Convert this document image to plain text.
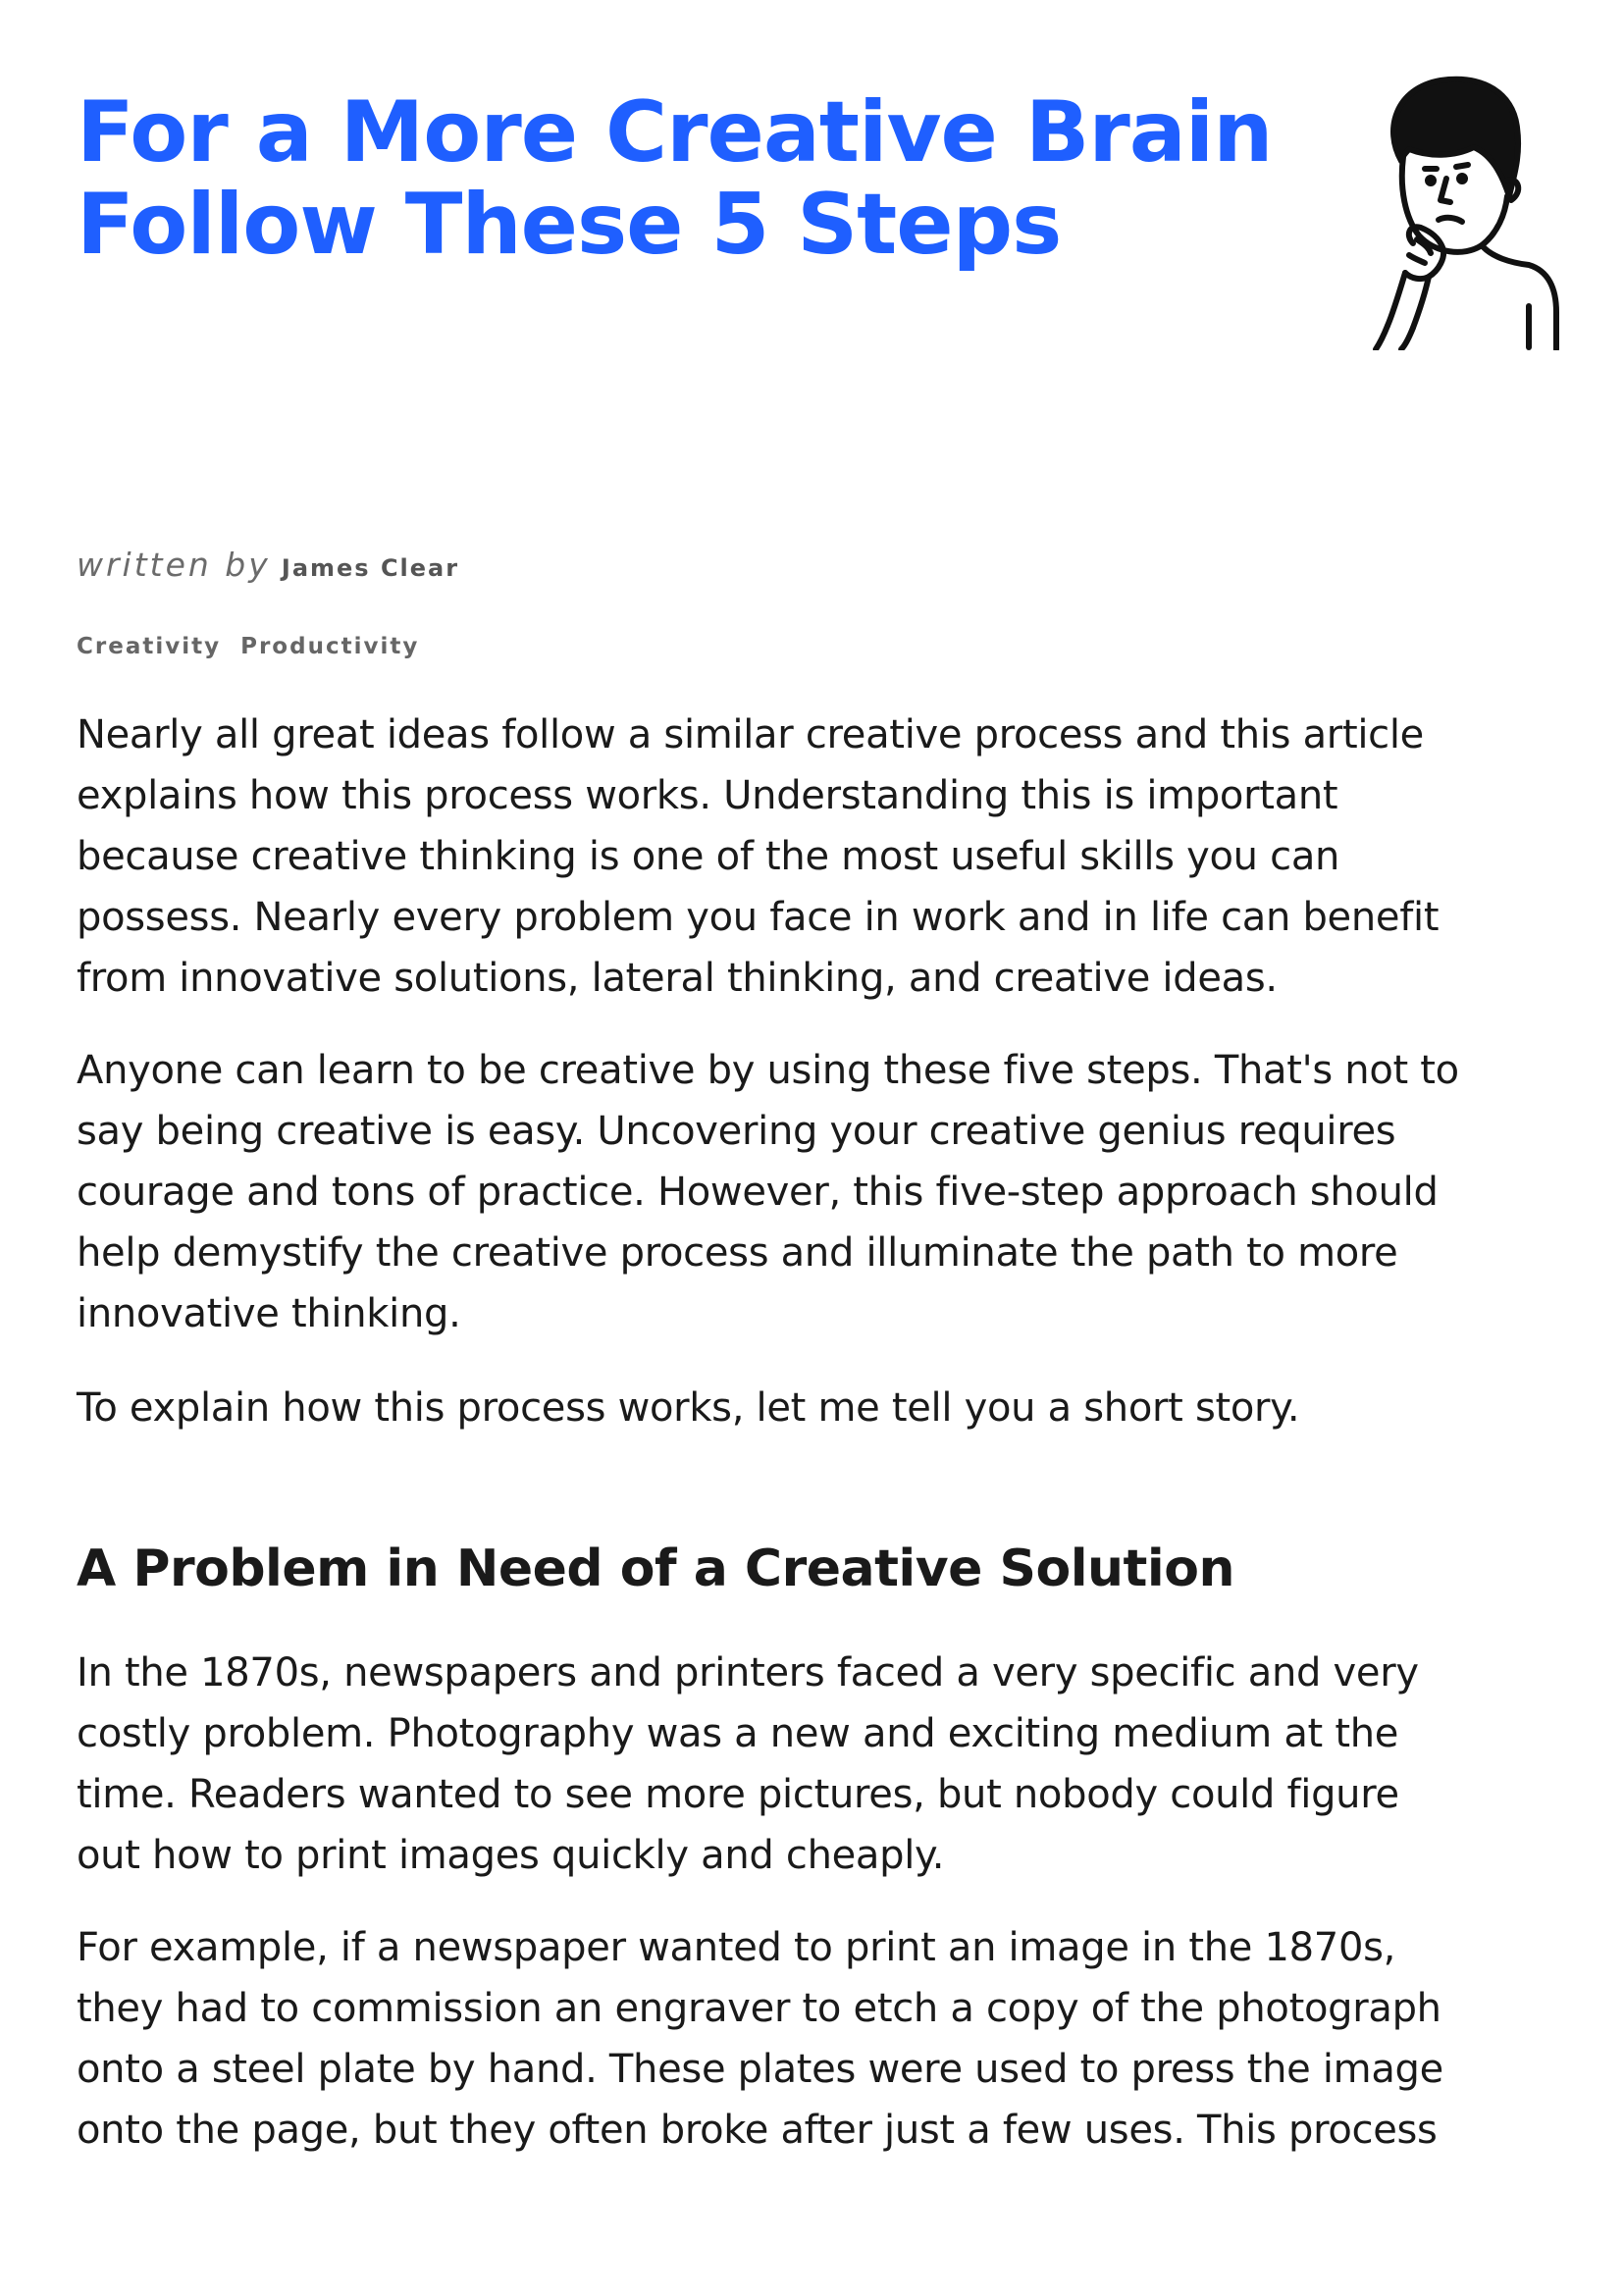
For a More Creative Brain
Follow These 5 Steps
written by James Clear
Creativity Productivity

Nearly all great ideas follow a similar creative process and this article
explains how this process works. Understanding this is important
because creative thinking is one of the most useful skills you can
possess. Nearly every problem you face in work and in life can benefit
from innovative solutions, lateral thinking, and creative ideas.

Anyone can learn to be creative by using these five steps. That's not to
say being creative is easy. Uncovering your creative genius requires
courage and tons of practice. However, this five-step approach should
help demystify the creative process and illuminate the path to more
innovative thinking.

To explain how this process works, let me tell you a short story.

A Problem in Need of a Creative Solution

In the 1870s, newspapers and printers faced a very specific and very
costly problem. Photography was a new and exciting medium at the
time. Readers wanted to see more pictures, but nobody could figure
out how to print images quickly and cheaply.

For example, if a newspaper wanted to print an image in the 1870s,
they had to commission an engraver to etch a copy of the photograph
onto a steel plate by hand. These plates were used to press the image
onto the page, but they often broke after just a few uses. This process
